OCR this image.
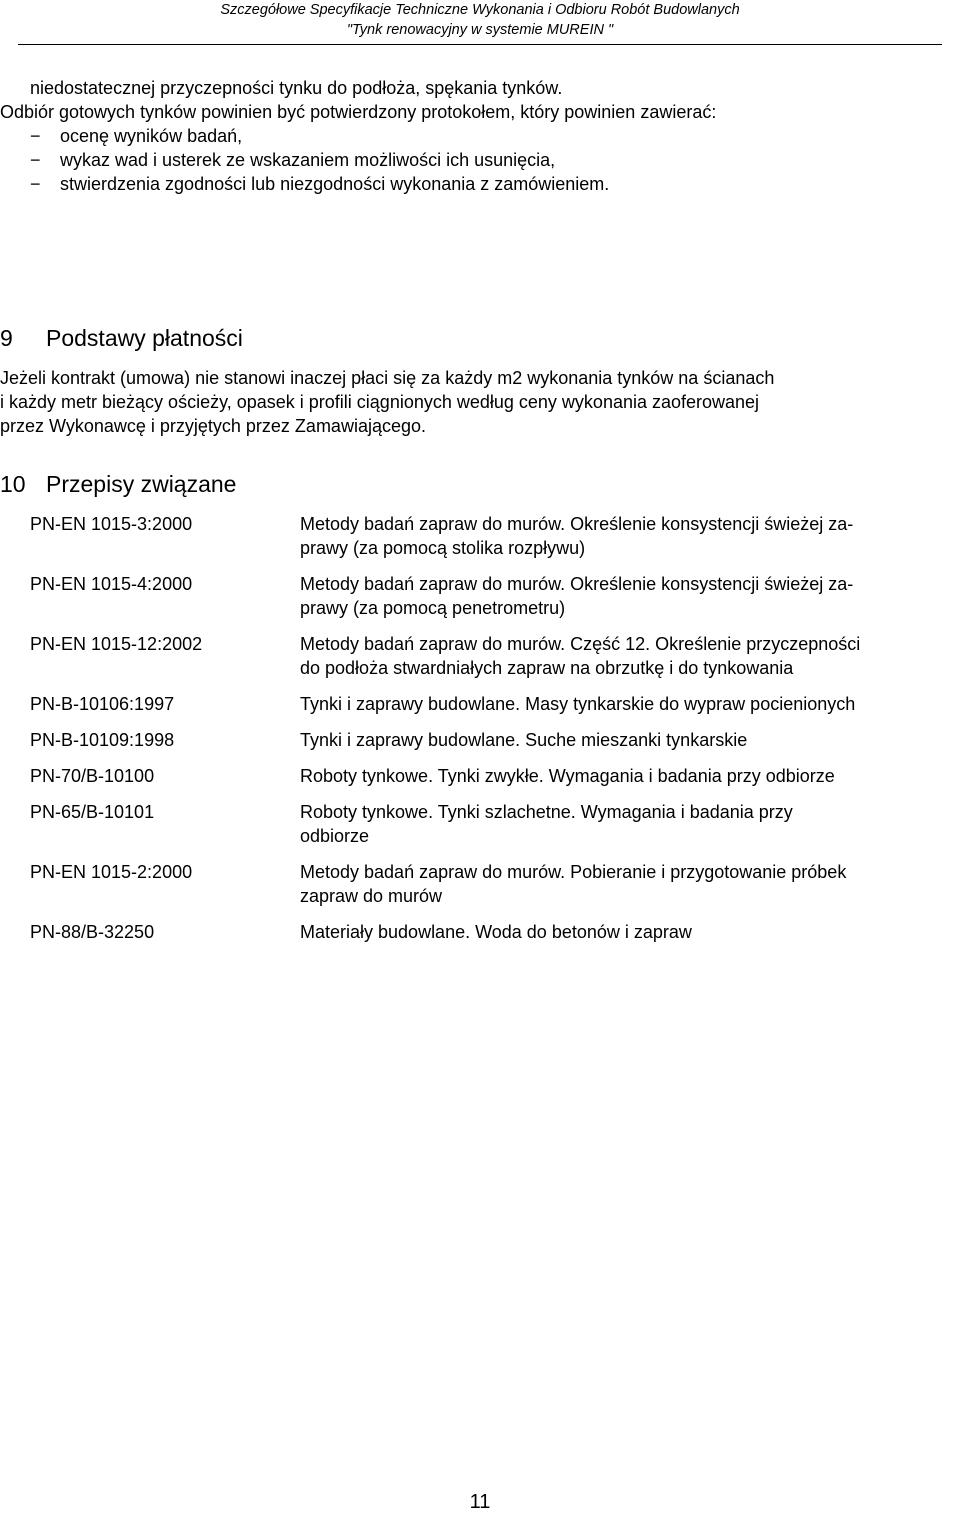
Szczegółowe Specyfikacje Techniczne Wykonania i Odbioru Robót Budowlanych
"Tynk renowacyjny w systemie MUREIN "
niedostatecznej przyczepności tynku do podłoża, spękania tynków.
Odbiór gotowych tynków powinien być potwierdzony protokołem, który powinien zawierać:
− ocenę wyników badań,
− wykaz wad i usterek ze wskazaniem możliwości ich usunięcia,
− stwierdzenia zgodności lub niezgodności wykonania z zamówieniem.
9 Podstawy płatności
Jeżeli kontrakt (umowa) nie stanowi inaczej płaci się za każdy m2 wykonania tynków na ścianach
i każdy metr bieżący ościeży, opasek i profili ciągnionych według ceny wykonania zaoferowanej
przez Wykonawcę i przyjętych przez Zamawiającego.
10 Przepisy związane
PN-EN 1015-3:2000	Metody badań zapraw do murów. Określenie konsystencji świeżej za-
prawy (za pomocą stolika rozpływu)
PN-EN 1015-4:2000	Metody badań zapraw do murów. Określenie konsystencji świeżej za-
prawy (za pomocą penetrometru)
PN-EN 1015-12:2002	Metody badań zapraw do murów. Część 12. Określenie przyczepności
do podłoża stwardniałych zapraw na obrzutkę i do tynkowania
PN-B-10106:1997	Tynki i zaprawy budowlane. Masy tynkarskie do wypraw pocienionych
PN-B-10109:1998	Tynki i zaprawy budowlane. Suche mieszanki tynkarskie
PN-70/B-10100	Roboty tynkowe. Tynki zwykłe. Wymagania i badania przy odbiorze
PN-65/B-10101	Roboty tynkowe. Tynki szlachetne. Wymagania i badania przy
odbiorze
PN-EN 1015-2:2000	Metody badań zapraw do murów. Pobieranie i przygotowanie próbek
zapraw do murów
PN-88/B-32250	Materiały budowlane. Woda do betonów i zapraw
11
